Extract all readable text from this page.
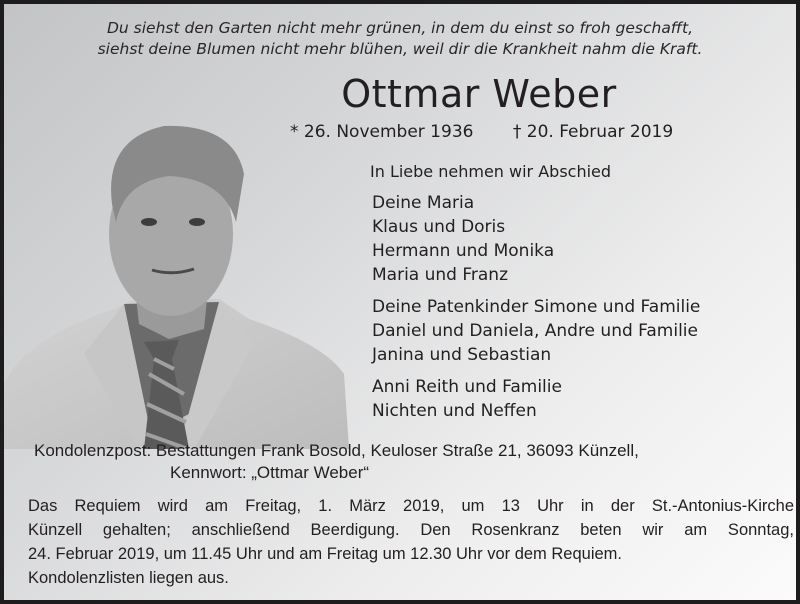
Du siehst den Garten nicht mehr grünen, in dem du einst so froh geschafft,
siehst deine Blumen nicht mehr blühen, weil dir die Krankheit nahm die Kraft.
Ottmar Weber
* 26. November 1936 † 20. Februar 2019
In Liebe nehmen wir Abschied
Deine Maria
Klaus und Doris
Hermann und Monika
Maria und Franz
Deine Patenkinder Simone und Familie
Daniel und Daniela, Andre und Familie
Janina und Sebastian
Anni Reith und Familie
Nichten und Neffen
Kondolenzpost: Bestattungen Frank Bosold, Keuloser Straße 21, 36093 Künzell,
Kennwort: „Ottmar Weber“
Das Requiem wird am Freitag, 1. März 2019, um 13 Uhr in der St.-Antonius-Kirche
Künzell gehalten; anschließend Beerdigung. Den Rosenkranz beten wir am Sonntag,
24. Februar 2019, um 11.45 Uhr und am Freitag um 12.30 Uhr vor dem Requiem.
Kondolenzlisten liegen aus.
